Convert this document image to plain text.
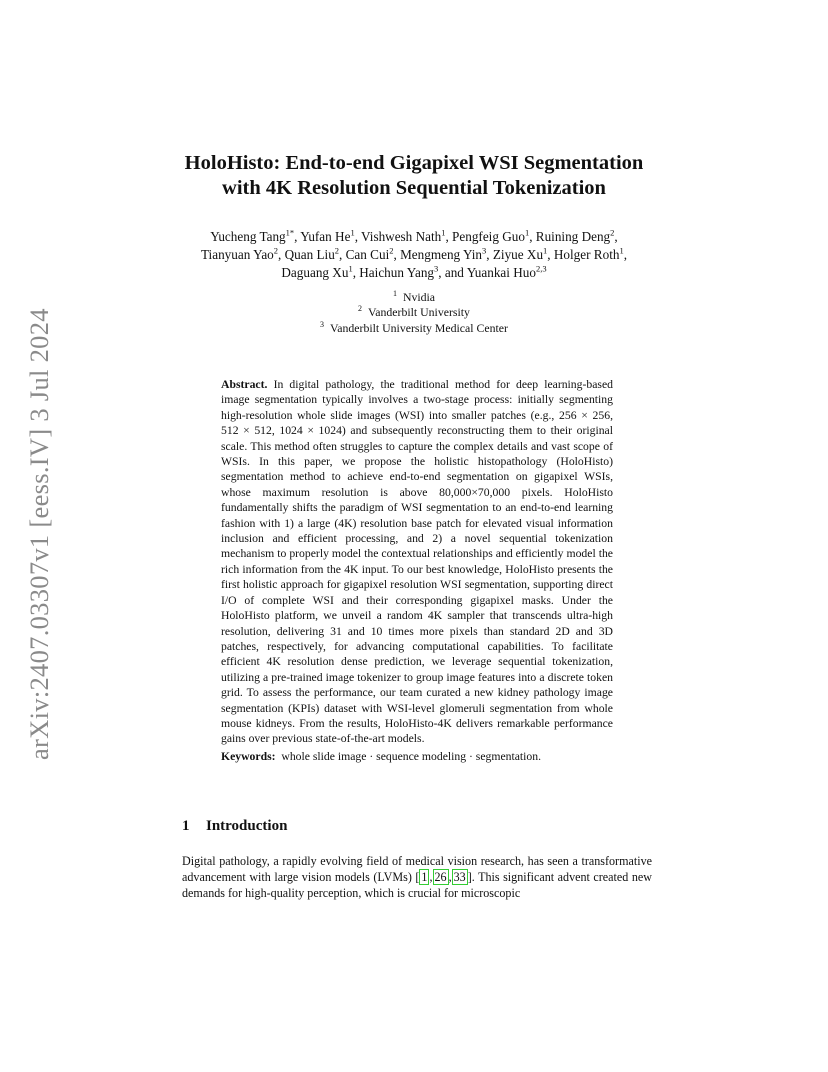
arXiv:2407.03307v1 [eess.IV] 3 Jul 2024
HoloHisto: End-to-end Gigapixel WSI Segmentation
with 4K Resolution Sequential Tokenization
Yucheng Tang$^{1*}$, Yufan He$^1$, Vishwesh Nath$^1$, Pengfeig Guo$^1$, Ruining Deng$^2$,
Tianyuan Yao$^2$, Quan Liu$^2$, Can Cui$^2$, Mengmeng Yin$^3$, Ziyue Xu$^1$, Holger Roth$^1$,
Daguang Xu$^1$, Haichun Yang$^3$, and Yuankai Huo$^{2,3}$
$^1$ Nvidia
$^2$ Vanderbilt University
$^3$ Vanderbilt University Medical Center

Abstract. In digital pathology, the traditional method for deep learning-based image segmentation typically involves a two-stage process: initially segmenting high-resolution whole slide images (WSI) into smaller patches (e.g., 256 × 256, 512 × 512, 1024 × 1024) and subsequently reconstructing them to their original scale. This method often struggles to capture the complex details and vast scope of WSIs. In this paper, we propose the holistic histopathology (HoloHisto) segmentation method to achieve end-to-end segmentation on gigapixel WSIs, whose maximum resolution is above 80,000×70,000 pixels. HoloHisto fundamentally shifts the paradigm of WSI segmentation to an end-to-end learning fashion with 1) a large (4K) resolution base patch for elevated visual information inclusion and efficient processing, and 2) a novel sequential tokenization mechanism to properly model the contextual relationships and efficiently model the rich information from the 4K input. To our best knowledge, HoloHisto presents the first holistic approach for gigapixel resolution WSI segmentation, supporting direct I/O of complete WSI and their corresponding gigapixel masks. Under the HoloHisto platform, we unveil a random 4K sampler that transcends ultra-high resolution, delivering 31 and 10 times more pixels than standard 2D and 3D patches, respectively, for advancing computational capabilities. To facilitate efficient 4K resolution dense prediction, we leverage sequential tokenization, utilizing a pre-trained image tokenizer to group image features into a discrete token grid. To assess the performance, our team curated a new kidney pathology image segmentation (KPIs) dataset with WSI-level glomeruli segmentation from whole mouse kidneys. From the results, HoloHisto-4K delivers remarkable performance gains over previous state-of-the-art models.

Keywords: whole slide image · sequence modeling · segmentation.
1 Introduction

Digital pathology, a rapidly evolving field of medical vision research, has seen a transformative advancement with large vision models (LVMs) [ 1 , 26 , 33 ]. This significant advent created new demands for high-quality perception, which is crucial for microscopic
